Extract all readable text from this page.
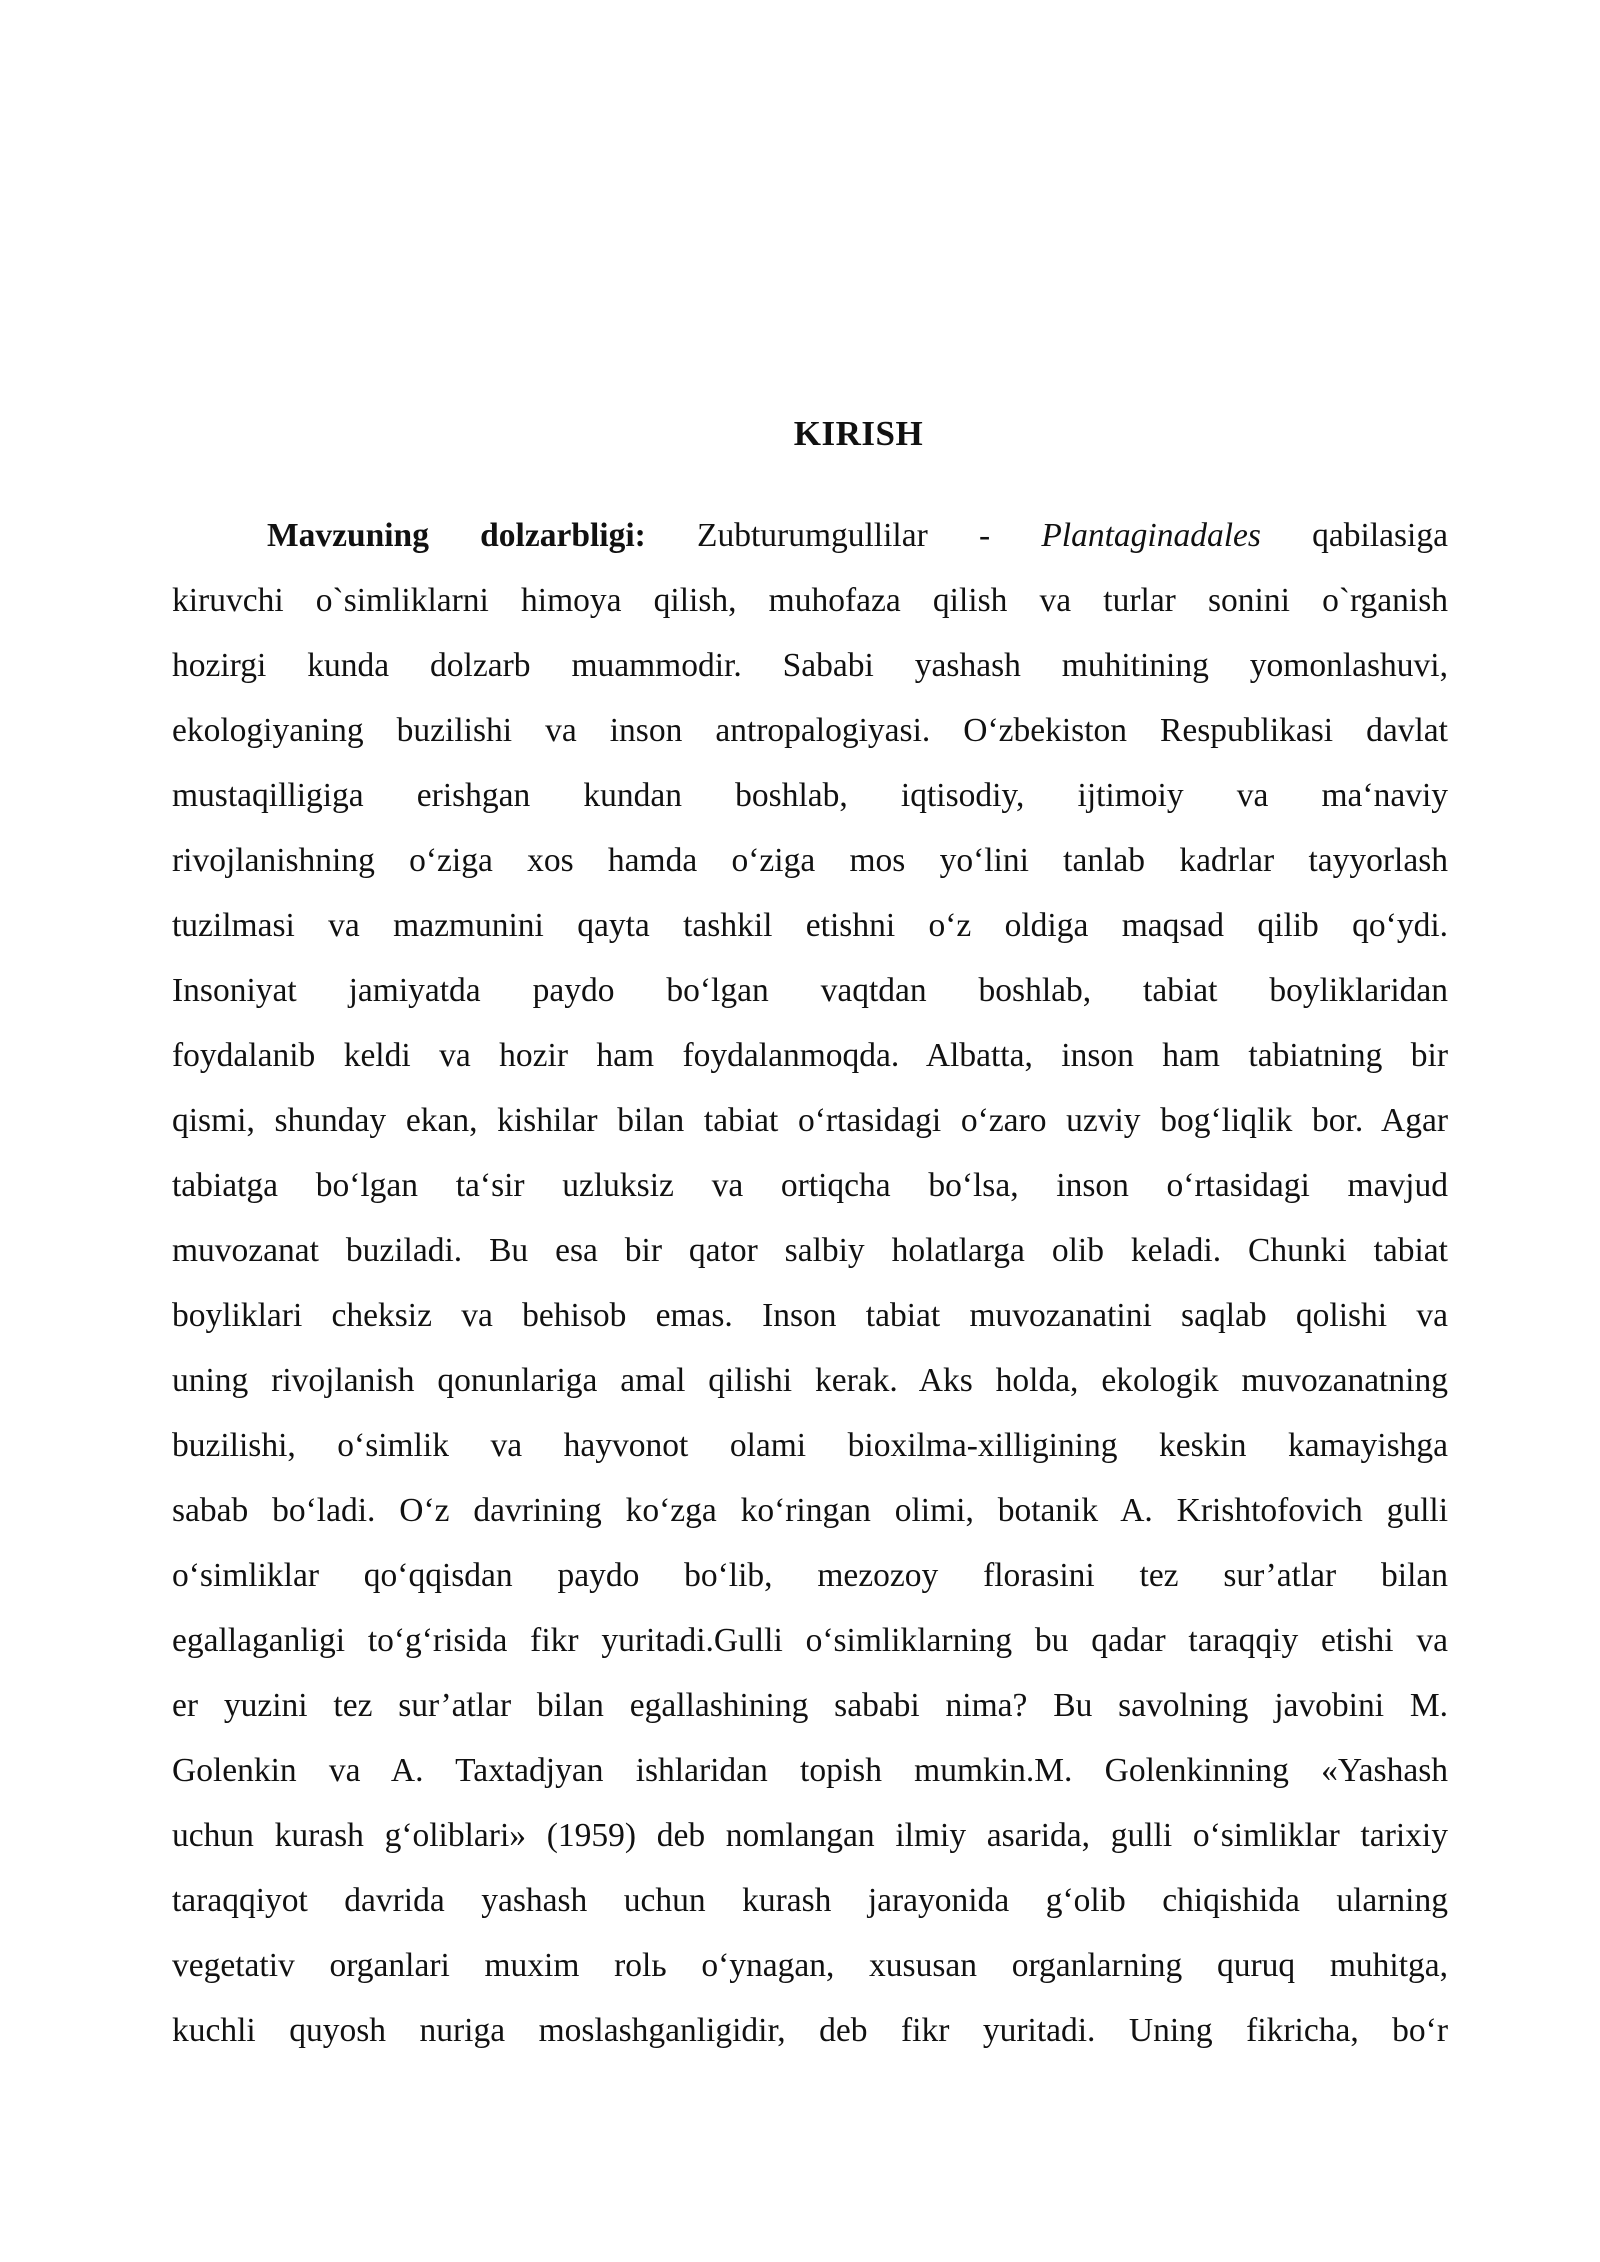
KIRISH
Mavzuning dolzarbligi: Zubturumgullilar - Plantaginadales qabilasiga
kiruvchi o`simliklarni himoya qilish, muhofaza qilish va turlar sonini o`rganish
hozirgi kunda dolzarb muammodir. Sababi yashash muhitining yomonlashuvi,
ekologiyaning buzilishi va inson antropalogiyasi. O‘zbekiston Respublikasi davlat
mustaqilligiga erishgan kundan boshlab, iqtisodiy, ijtimoiy va ma‘naviy
rivojlanishning o‘ziga xos hamda o‘ziga mos yo‘lini tanlab kadrlar tayyorlash
tuzilmasi va mazmunini qayta tashkil etishni o‘z oldiga maqsad qilib qo‘ydi.
Insoniyat jamiyatda paydo bo‘lgan vaqtdan boshlab, tabiat boyliklaridan
foydalanib keldi va hozir ham foydalanmoqda. Albatta, inson ham tabiatning bir
qismi, shunday ekan, kishilar bilan tabiat o‘rtasidagi o‘zaro uzviy bog‘liqlik bor. Agar
tabiatga bo‘lgan ta‘sir uzluksiz va ortiqcha bo‘lsa, inson o‘rtasidagi mavjud
muvozanat buziladi. Bu esa bir qator salbiy holatlarga olib keladi. Chunki tabiat
boyliklari cheksiz va behisob emas. Inson tabiat muvozanatini saqlab qolishi va
uning rivojlanish qonunlariga amal qilishi kerak. Aks holda, ekologik muvozanatning
buzilishi, o‘simlik va hayvonot olami bioxilma-xilligining keskin kamayishga
sabab bo‘ladi. O‘z davrining ko‘zga ko‘ringan olimi, botanik A. Krishtofovich gulli
o‘simliklar qo‘qqisdan paydo bo‘lib, mezozoy florasini tez sur’atlar bilan
egallaganligi to‘g‘risida fikr yuritadi.Gulli o‘simliklarning bu qadar taraqqiy etishi va
er yuzini tez sur’atlar bilan egallashining sababi nima? Bu savolning javobini M.
Golenkin va A. Taxtadjyan ishlaridan topish mumkin.M. Golenkinning «Yashash
uchun kurash g‘oliblari» (1959) deb nomlangan ilmiy asarida, gulli o‘simliklar tarixiy
taraqqiyot davrida yashash uchun kurash jarayonida g‘olib chiqishida ularning
vegetativ organlari muxim rolь o‘ynagan, xususan organlarning quruq muhitga,
kuchli quyosh nuriga moslashganligidir, deb fikr yuritadi. Uning fikricha, bo‘r
